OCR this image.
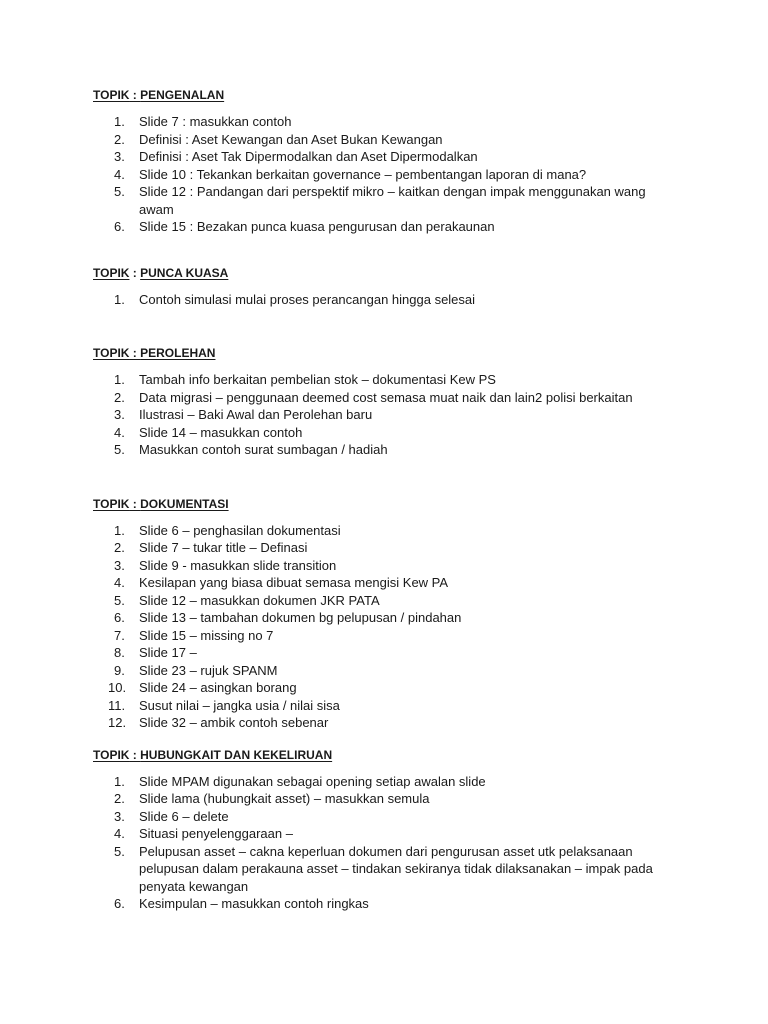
TOPIK : PENGENALAN
1.	Slide 7 : masukkan contoh
2.	Definisi : Aset Kewangan dan Aset Bukan Kewangan
3.	Definisi : Aset Tak Dipermodalkan dan Aset Dipermodalkan
4.	Slide 10 : Tekankan berkaitan governance – pembentangan laporan di mana?
5.	Slide 12 : Pandangan dari perspektif mikro – kaitkan dengan impak menggunakan wang awam
6.	Slide 15 : Bezakan punca kuasa pengurusan dan perakaunan
TOPIK : PUNCA KUASA
1.	Contoh simulasi mulai proses perancangan hingga selesai
TOPIK : PEROLEHAN
1.	Tambah info berkaitan pembelian stok – dokumentasi Kew PS
2.	Data migrasi – penggunaan deemed cost semasa muat naik dan lain2 polisi berkaitan
3.	Ilustrasi – Baki Awal dan Perolehan baru
4.	Slide 14 – masukkan contoh
5.	Masukkan contoh surat sumbagan / hadiah
TOPIK : DOKUMENTASI
1.	Slide 6 – penghasilan dokumentasi
2.	Slide 7 – tukar title – Definasi
3.	Slide 9 - masukkan slide transition
4.	Kesilapan yang biasa dibuat semasa mengisi Kew PA
5.	Slide 12 – masukkan dokumen JKR PATA
6.	Slide 13 – tambahan dokumen bg pelupusan / pindahan
7.	Slide 15 – missing no 7
8.	Slide 17 –
9.	Slide 23 – rujuk SPANM
10. Slide 24 – asingkan borang
11. Susut nilai – jangka usia / nilai sisa
12. Slide 32 – ambik contoh sebenar
TOPIK : HUBUNGKAIT DAN KEKELIRUAN
1.	Slide MPAM digunakan sebagai opening setiap awalan slide
2.	Slide lama (hubungkait asset) – masukkan semula
3.	Slide 6 – delete
4.	Situasi penyelenggaraan –
5.	Pelupusan asset – cakna keperluan dokumen dari pengurusan asset utk pelaksanaan pelupusan dalam perakauna asset – tindakan sekiranya tidak dilaksanakan – impak pada penyata kewangan
6.	Kesimpulan – masukkan contoh ringkas
